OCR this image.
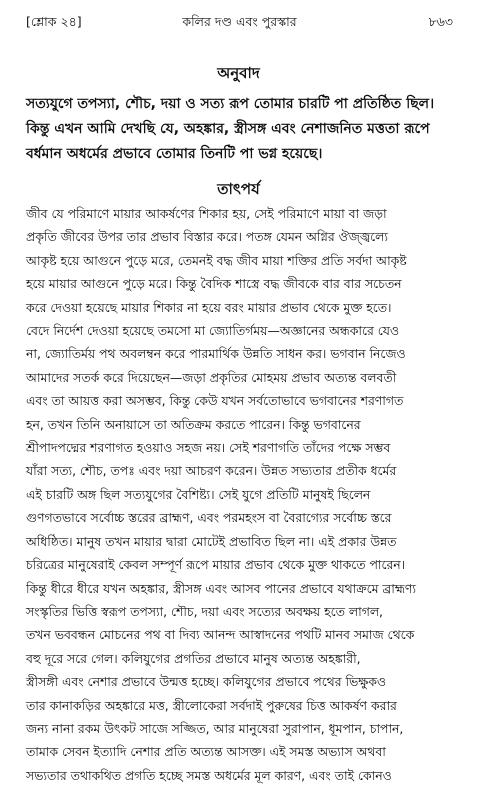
[শ্লোক ২৪]	কলির দণ্ড এবং পুরস্কার	৮৬৩
অনুবাদ
সত্যযুগে তপস্যা, শৌচ, দয়া ও সত্য রূপ তোমার চারটি পা প্রতিষ্ঠিত ছিল।
কিন্তু এখন আমি দেখছি যে, অহঙ্কার, স্ত্রীসঙ্গ এবং নেশাজনিত মত্ততা রূপে
বর্ধমান অধর্মের প্রভাবে তোমার তিনটি পা ভগ্ন হয়েছে।
তাৎপর্য
জীব যে পরিমাণে মায়ার আকর্ষণের শিকার হয়, সেই পরিমাণে মায়া বা জড়া
প্রকৃতি জীবের উপর তার প্রভাব বিস্তার করে। পতঙ্গ যেমন অগ্নির ঔজ্জ্বল্যে
আকৃষ্ট হয়ে আগুনে পুড়ে মরে, তেমনই বদ্ধ জীব মায়া শক্তির প্রতি সর্বদা আকৃষ্ট
হয়ে মায়ার আগুনে পুড়ে মরে। কিন্তু বৈদিক শাস্ত্রে বদ্ধ জীবকে বার বার সচেতন
করে দেওয়া হয়েছে মায়ার শিকার না হয়ে বরং মায়ার প্রভাব থেকে মুক্ত হতে।
বেদে নির্দেশ দেওয়া হয়েছে তমসো মা জ্যোতির্গময়—অজ্ঞানের অন্ধকারে যেও
না, জ্যোতির্ময় পথ অবলম্বন করে পারমার্থিক উন্নতি সাধন কর। ভগবান নিজেও
আমাদের সতর্ক করে দিয়েছেন—জড়া প্রকৃতির মোহময় প্রভাব অত্যন্ত বলবতী
এবং তা আয়ত্ত করা অসম্ভব, কিন্তু কেউ যখন সর্বতোভাবে ভগবানের শরণাগত
হন, তখন তিনি অনায়াসে তা অতিক্রম করতে পারেন। কিন্তু ভগবানের
শ্রীপাদপদ্মের শরণাগত হওয়াও সহজ নয়। সেই শরণাগতি তাঁদের পক্ষে সম্ভব
যাঁরা সত্য, শৌচ, তপঃ এবং দয়া আচরণ করেন। উন্নত সভ্যতার প্রতীক ধর্মের
এই চারটি অঙ্গ ছিল সত্যযুগের বৈশিষ্ট্য। সেই যুগে প্রতিটি মানুষই ছিলেন
গুণগতভাবে সর্বোচ্চ স্তরের ব্রাহ্মণ, এবং পরমহংস বা বৈরাগ্যের সর্বোচ্চ স্তরে
অধিষ্ঠিত। মানুষ তখন মায়ার দ্বারা মোটেই প্রভাবিত ছিল না। এই প্রকার উন্নত
চরিত্রের মানুষেরাই কেবল সম্পূর্ণ রূপে মায়ার প্রভাব থেকে মুক্ত থাকতে পারেন।
কিন্তু ধীরে ধীরে যখন অহঙ্কার, স্ত্রীসঙ্গ এবং আসব পানের প্রভাবে যথাক্রমে ব্রাহ্মণ্য
সংস্কৃতির ভিত্তি স্বরূপ তপস্যা, শৌচ, দয়া এবং সত্যের অবক্ষয় হতে লাগল,
তখন ভববন্ধন মোচনের পথ বা দিব্য আনন্দ আস্বাদনের পথটি মানব সমাজ থেকে
বহু দূরে সরে গেল। কলিযুগের প্রগতির প্রভাবে মানুষ অত্যন্ত অহঙ্কারী,
স্ত্রীসঙ্গী এবং নেশার প্রভাবে উন্মত্ত হচ্ছে। কলিযুগের প্রভাবে পথের ভিক্ষুকও
তার কানাকড়ির অহঙ্কারে মত্ত, স্ত্রীলোকেরা সর্বদাই পুরুষের চিত্ত আকর্ষণ করার
জন্য নানা রকম উৎকট সাজে সজ্জিত, আর মানুষেরা সুরাপান, ধূমপান, চাপান,
তামাক সেবন ইত্যাদি নেশার প্রতি অত্যন্ত আসক্ত। এই সমস্ত অভ্যাস অথবা
সভ্যতার তথাকথিত প্রগতি হচ্ছে সমস্ত অধর্মের মূল কারণ, এবং তাই কোনও
